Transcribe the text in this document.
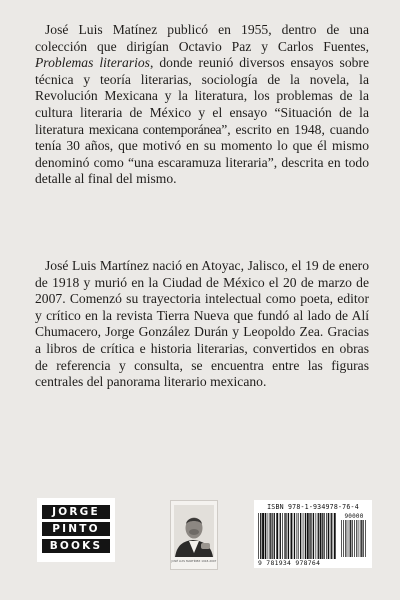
José Luis Matínez publicó en 1955, dentro de una colección que dirigían Octavio Paz y Carlos Fuentes, Problemas literarios, donde reunió diversos ensayos sobre técnica y teoría literarias, sociología de la novela, la Revolución Mexicana y la literatura, los problemas de la cultura literaria de México y el ensayo “Situación de la literatura mexicana contemporánea”, escrito en 1948, cuando tenía 30 años, que motivó en su momento lo que él mismo denominó como “una escaramuza literaria”, descrita en todo detalle al final del mismo.

José Luis Martínez nació en Atoyac, Jalisco, el 19 de enero de 1918 y murió en la Ciudad de México el 20 de marzo de 2007. Comenzó su trayectoria intelectual como poeta, editor y crítico en la revista Tierra Nueva que fundó al lado de Alí Chumacero, Jorge González Durán y Leopoldo Zea. Gracias a libros de crítica e historia literarias, convertidos en obras de referencia y consulta, se encuentra entre las figuras centrales del panorama literario mexicano.

JORGE
PINTO
BOOKS
JOSÉ LUIS MARTÍNEZ 1918-2007
ISBN 978-1-934978-76-4
90000
9 781934 978764
